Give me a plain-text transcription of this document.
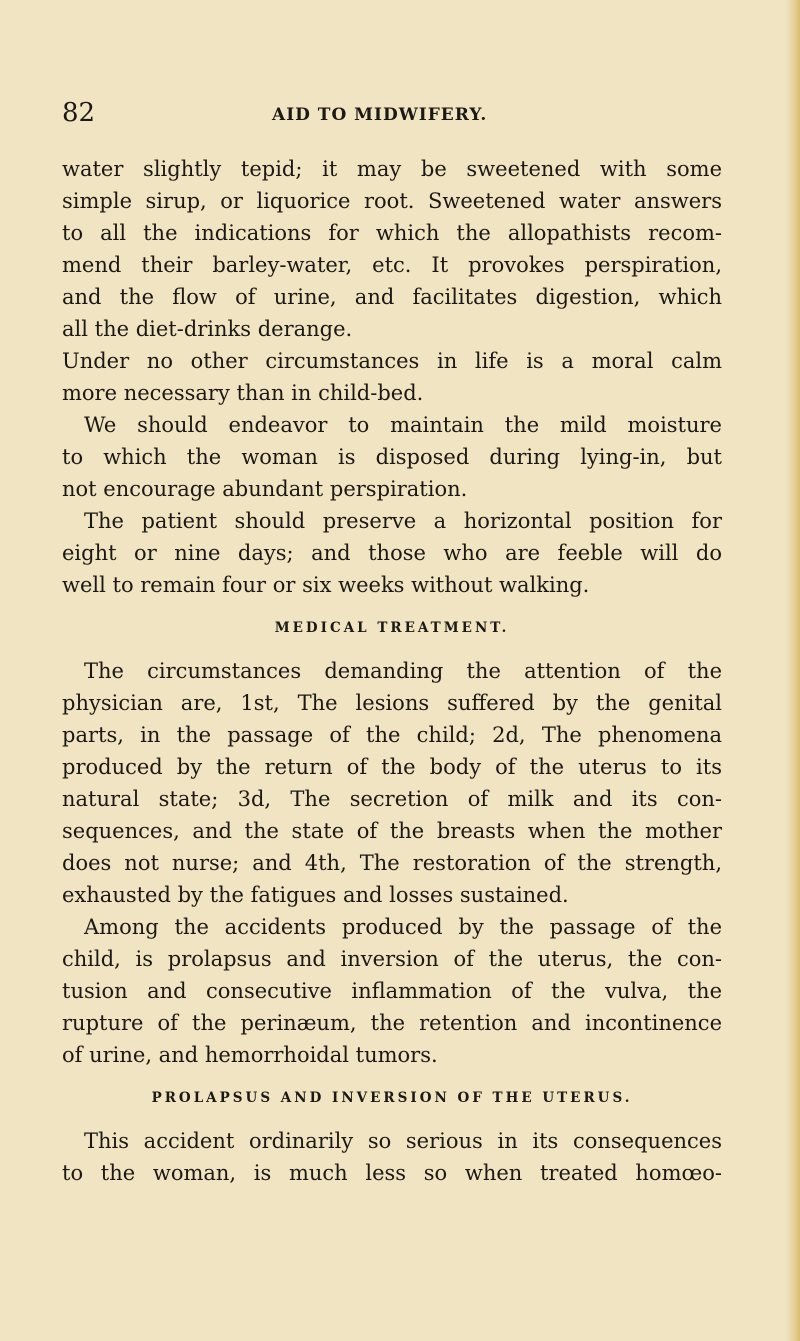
82	AID TO MIDWIFERY.
water slightly tepid; it may be sweetened with some
simple sirup, or liquorice root. Sweetened water answers
to all the indications for which the allopathists recom-
mend their barley-water, etc. It provokes perspiration,
and the flow of urine, and facilitates digestion, which
all the diet-drinks derange.
Under no other circumstances in life is a moral calm
more necessary than in child-bed.
We should endeavor to maintain the mild moisture
to which the woman is disposed during lying-in, but
not encourage abundant perspiration.
The patient should preserve a horizontal position for
eight or nine days; and those who are feeble will do
well to remain four or six weeks without walking.
MEDICAL TREATMENT.
The circumstances demanding the attention of the
physician are, 1st, The lesions suffered by the genital
parts, in the passage of the child; 2d, The phenomena
produced by the return of the body of the uterus to its
natural state; 3d, The secretion of milk and its con-
sequences, and the state of the breasts when the mother
does not nurse; and 4th, The restoration of the strength,
exhausted by the fatigues and losses sustained.
Among the accidents produced by the passage of the
child, is prolapsus and inversion of the uterus, the con-
tusion and consecutive inflammation of the vulva, the
rupture of the perinæum, the retention and incontinence
of urine, and hemorrhoidal tumors.
PROLAPSUS AND INVERSION OF THE UTERUS.
This accident ordinarily so serious in its consequences
to the woman, is much less so when treated homœo-
